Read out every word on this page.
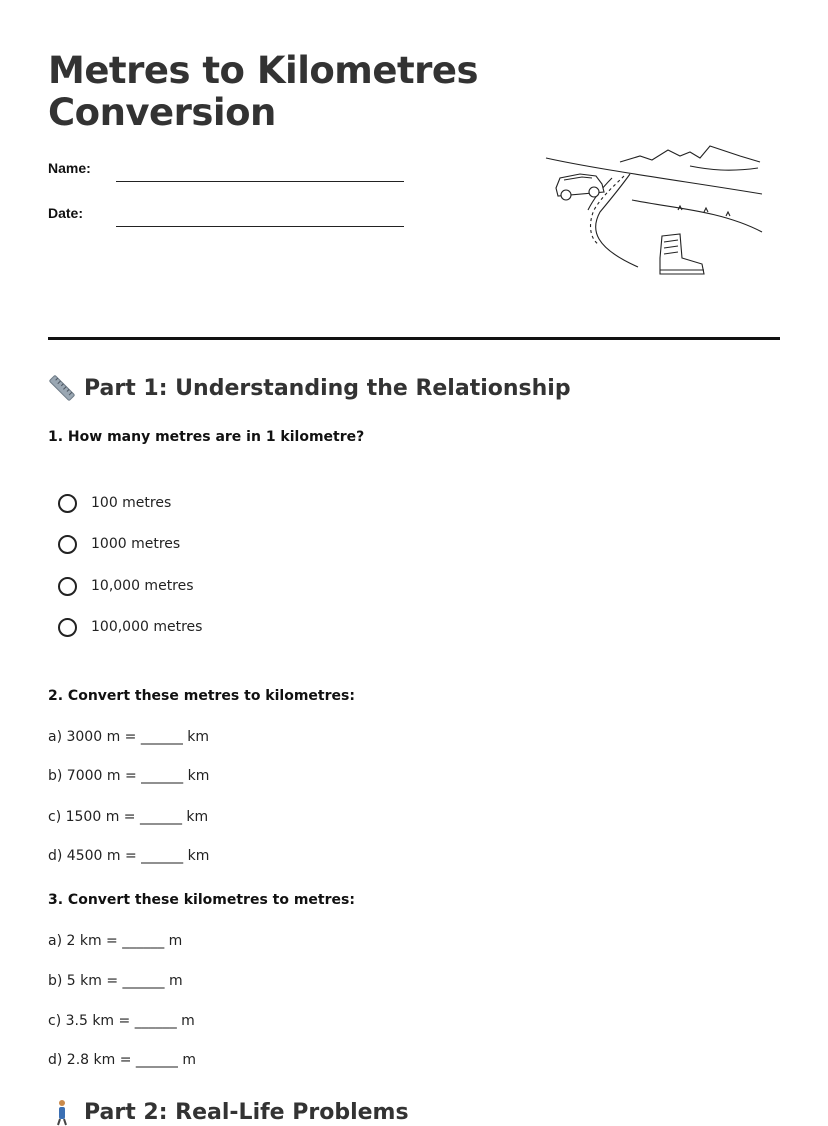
Metres to Kilometres
Conversion
Name:
Date:
Part 1: Understanding the Relationship
1. How many metres are in 1 kilometre?
100 metres
1000 metres
10,000 metres
100,000 metres
2. Convert these metres to kilometres:
a) 3000 m = ______ km
b) 7000 m = ______ km
c) 1500 m = ______ km
d) 4500 m = ______ km
3. Convert these kilometres to metres:
a) 2 km = ______ m
b) 5 km = ______ m
c) 3.5 km = ______ m
d) 2.8 km = ______ m
Part 2: Real-Life Problems
